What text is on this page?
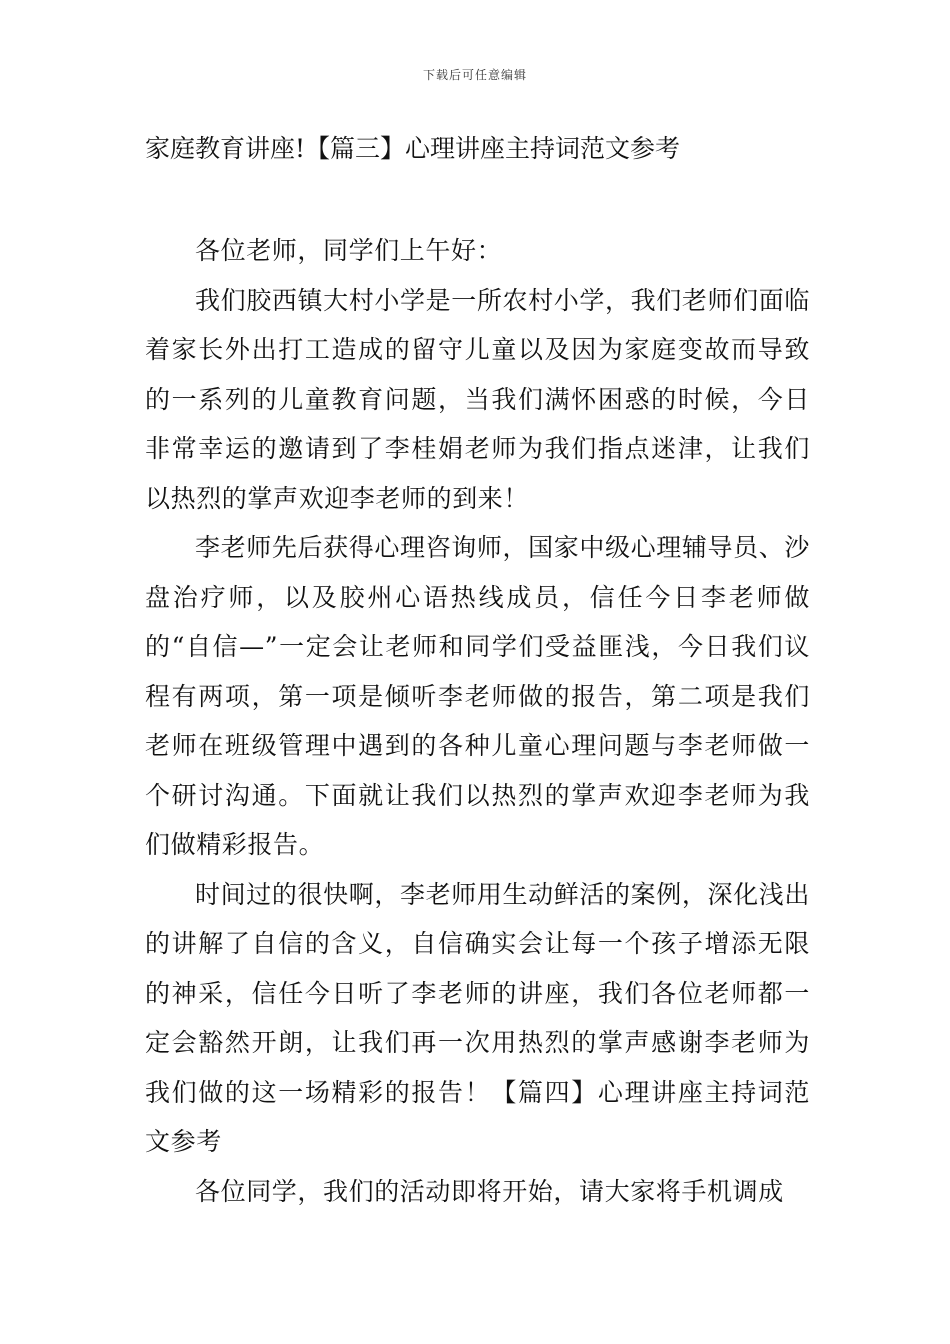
下载后可任意编辑
家庭教育讲座!【篇三】心理讲座主持词范文参考

各位老师，同学们上午好：

我们胶西镇大村小学是一所农村小学，我们老师们面临着家长外出打工造成的留守儿童以及因为家庭变故而导致的一系列的儿童教育问题，当我们满怀困惑的时候，今日非常幸运的邀请到了李桂娟老师为我们指点迷津，让我们以热烈的掌声欢迎李老师的到来！

李老师先后获得心理咨询师，国家中级心理辅导员、沙盘治疗师，以及胶州心语热线成员，信任今日李老师做的“自信—”一定会让老师和同学们受益匪浅，今日我们议程有两项，第一项是倾听李老师做的报告，第二项是我们老师在班级管理中遇到的各种儿童心理问题与李老师做一个研讨沟通。下面就让我们以热烈的掌声欢迎李老师为我们做精彩报告。

时间过的很快啊，李老师用生动鲜活的案例，深化浅出的讲解了自信的含义，自信确实会让每一个孩子增添无限的神采，信任今日听了李老师的讲座，我们各位老师都一定会豁然开朗，让我们再一次用热烈的掌声感谢李老师为我们做的这一场精彩的报告！【篇四】心理讲座主持词范文参考

各位同学，我们的活动即将开始，请大家将手机调成
